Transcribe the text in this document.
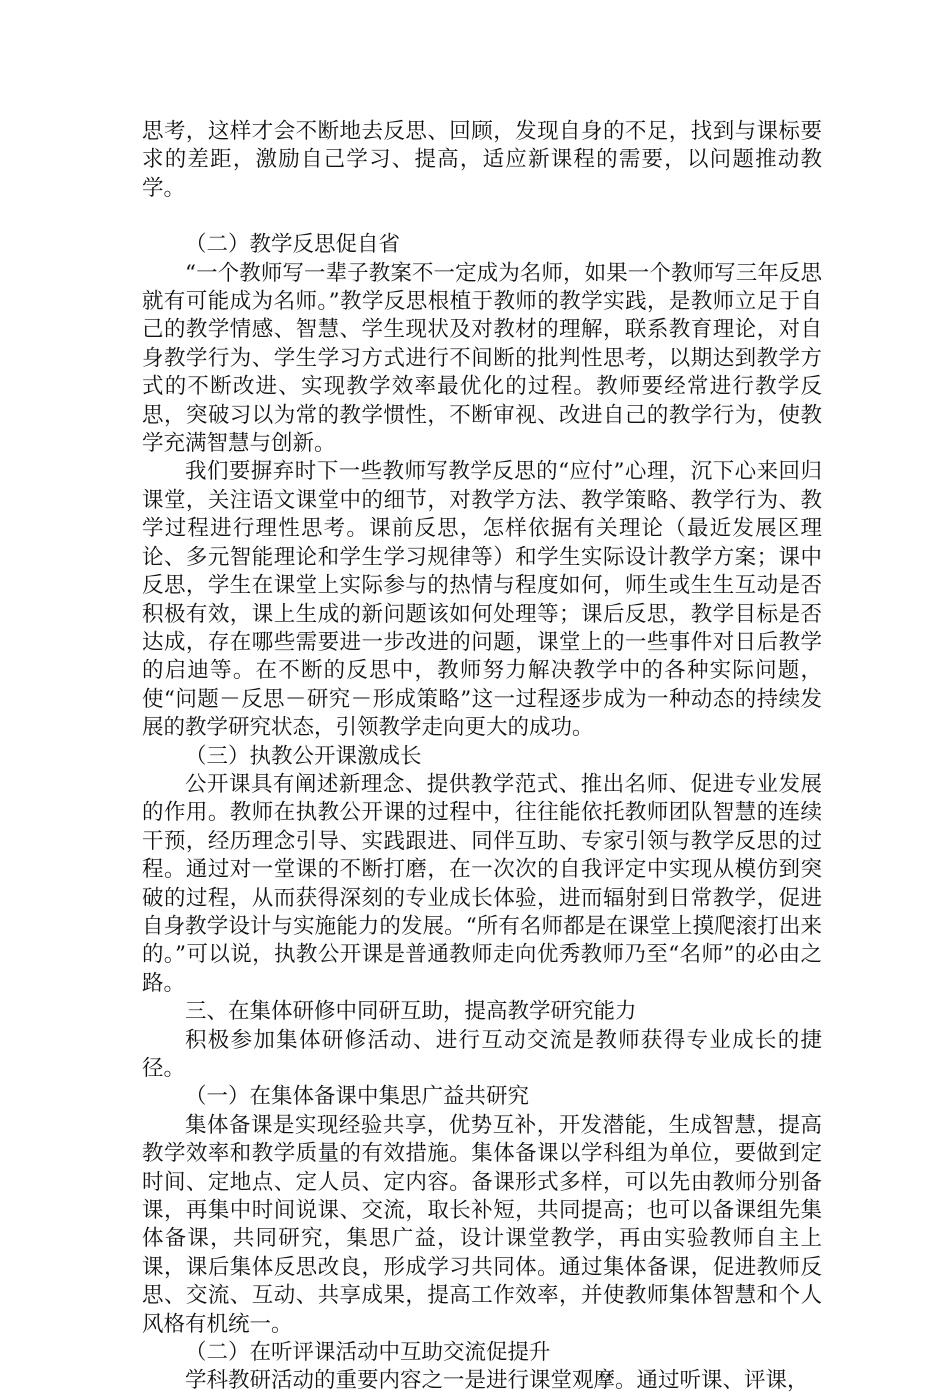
思考，这样才会不断地去反思、回顾，发现自身的不足，找到与课标要求的差距，激励自己学习、提高，适应新课程的需要，以问题推动教学。

（二）教学反思促自省

“一个教师写一辈子教案不一定成为名师，如果一个教师写三年反思就有可能成为名师。”教学反思根植于教师的教学实践，是教师立足于自己的教学情感、智慧、学生现状及对教材的理解，联系教育理论，对自身教学行为、学生学习方式进行不间断的批判性思考，以期达到教学方式的不断改进、实现教学效率最优化的过程。教师要经常进行教学反思，突破习以为常的教学惯性，不断审视、改进自己的教学行为，使教学充满智慧与创新。

我们要摒弃时下一些教师写教学反思的“应付”心理，沉下心来回归课堂，关注语文课堂中的细节，对教学方法、教学策略、教学行为、教学过程进行理性思考。课前反思，怎样依据有关理论（最近发展区理论、多元智能理论和学生学习规律等）和学生实际设计教学方案；课中反思，学生在课堂上实际参与的热情与程度如何，师生或生生互动是否积极有效，课上生成的新问题该如何处理等；课后反思，教学目标是否达成，存在哪些需要进一步改进的问题，课堂上的一些事件对日后教学的启迪等。在不断的反思中，教师努力解决教学中的各种实际问题，使“问题－反思－研究－形成策略”这一过程逐步成为一种动态的持续发展的教学研究状态，引领教学走向更大的成功。

（三）执教公开课激成长

公开课具有阐述新理念、提供教学范式、推出名师、促进专业发展的作用。教师在执教公开课的过程中，往往能依托教师团队智慧的连续干预，经历理念引导、实践跟进、同伴互助、专家引领与教学反思的过程。通过对一堂课的不断打磨，在一次次的自我评定中实现从模仿到突破的过程，从而获得深刻的专业成长体验，进而辐射到日常教学，促进自身教学设计与实施能力的发展。“所有名师都是在课堂上摸爬滚打出来的。”可以说，执教公开课是普通教师走向优秀教师乃至“名师”的必由之路。

三、在集体研修中同研互助，提高教学研究能力

积极参加集体研修活动、进行互动交流是教师获得专业成长的捷径。

（一）在集体备课中集思广益共研究

集体备课是实现经验共享，优势互补，开发潜能，生成智慧，提高教学效率和教学质量的有效措施。集体备课以学科组为单位，要做到定时间、定地点、定人员、定内容。备课形式多样，可以先由教师分别备课，再集中时间说课、交流，取长补短，共同提高；也可以备课组先集体备课，共同研究，集思广益，设计课堂教学，再由实验教师自主上课，课后集体反思改良，形成学习共同体。通过集体备课，促进教师反思、交流、互动、共享成果，提高工作效率，并使教师集体智慧和个人风格有机统一。

（二）在听评课活动中互助交流促提升

学科教研活动的重要内容之一是进行课堂观摩。通过听课、评课，
